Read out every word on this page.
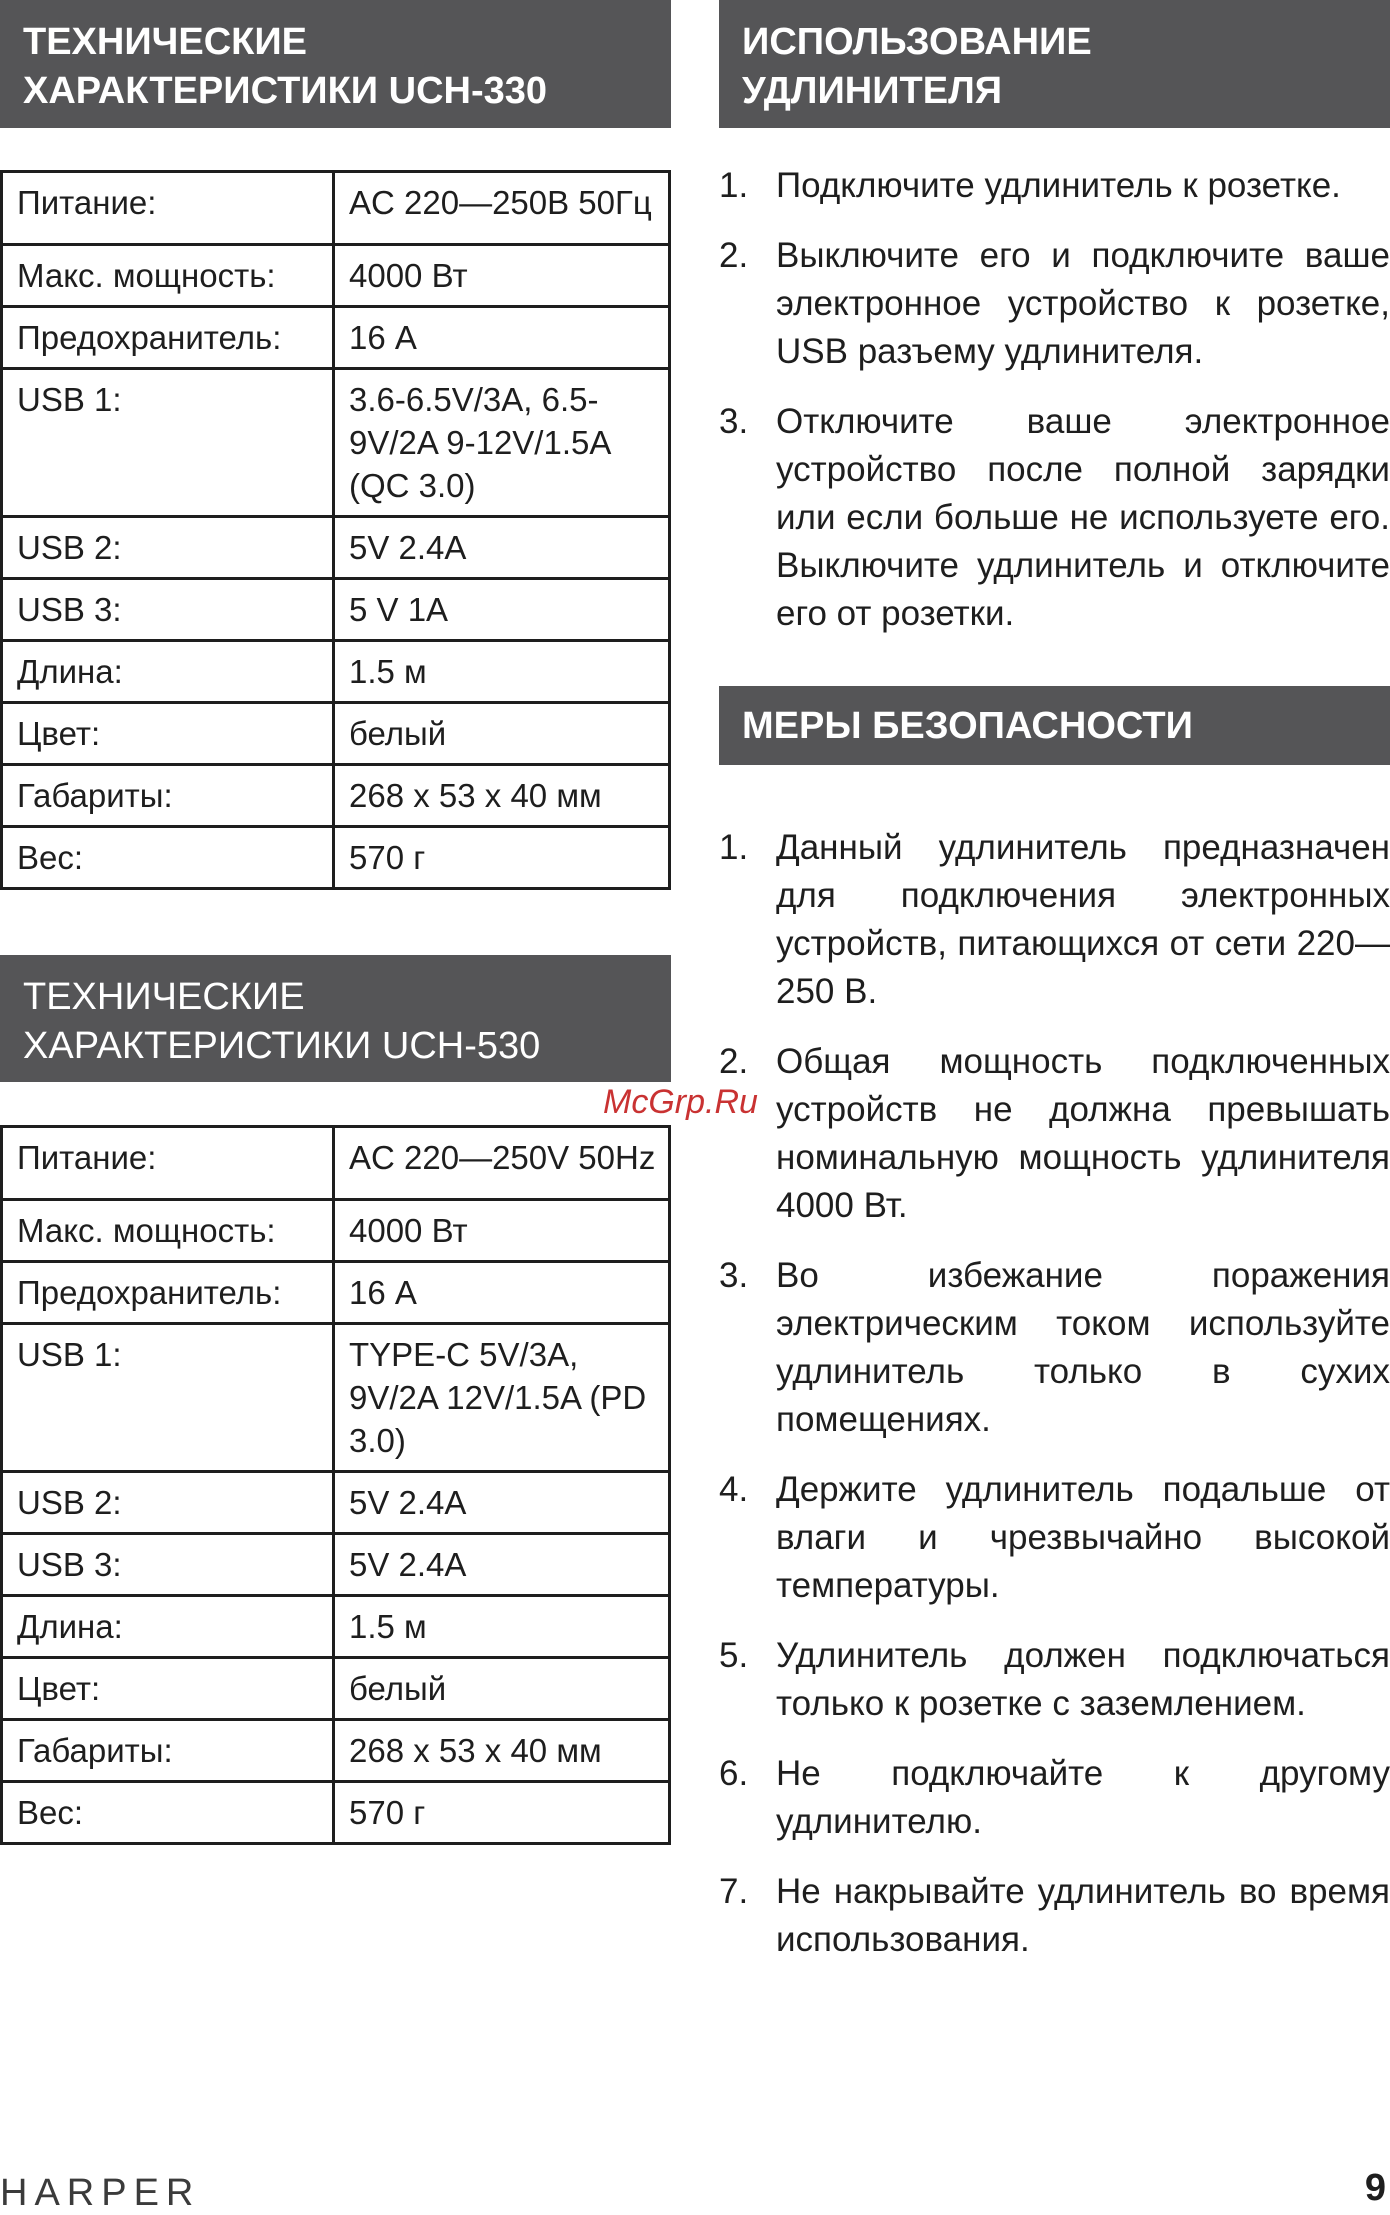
ТЕХНИЧЕСКИЕ
ХАРАКТЕРИСТИКИ UCH-330
Питание:	AC 220—250В 50Гц
Макс. мощность:	4000 Вт
Предохранитель:	16 А
USB 1:	3.6-6.5V/3A, 6.5-9V/2A 9-12V/1.5A (QC 3.0)
USB 2:	5V 2.4A
USB 3:	5 V 1A
Длина:	1.5 м
Цвет:	белый
Габариты:	268 x 53 x 40 мм
Вес:	570 г
ТЕХНИЧЕСКИЕ
ХАРАКТЕРИСТИКИ UCH-530
Питание:	AC 220—250V 50Hz
Макс. мощность:	4000 Вт
Предохранитель:	16 А
USB 1:	TYPE-C 5V/3A, 9V/2A 12V/1.5A (PD 3.0)
USB 2:	5V 2.4A
USB 3:	5V 2.4A
Длина:	1.5 м
Цвет:	белый
Габариты:	268 x 53 x 40 мм
Вес:	570 г
ИСПОЛЬЗОВАНИЕ
УДЛИНИТЕЛЯ
1. Подключите удлинитель к розетке.
2. Выключите его и подключите ваше электронное устройство к розетке, USB разъему удлинителя.
3. Отключите ваше электронное устройство после полной зарядки или если больше не используете его. Выключите удлинитель и отключите его от розетки.
МЕРЫ БЕЗОПАСНОСТИ
1. Данный удлинитель предназначен для подключения электронных устройств, питающихся от сети 220—250 В.
2. Общая мощность подключенных устройств не должна превышать номинальную мощность удлинителя 4000 Вт.
3. Во избежание поражения электрическим током используйте удлинитель только в сухих помещениях.
4. Держите удлинитель подальше от влаги и чрезвычайно высокой температуры.
5. Удлинитель должен подключаться только к розетке с заземлением.
6. Не подключайте к другому удлинителю.
7. Не накрывайте удлинитель во время использования.
McGrp.Ru
HARPER	9
